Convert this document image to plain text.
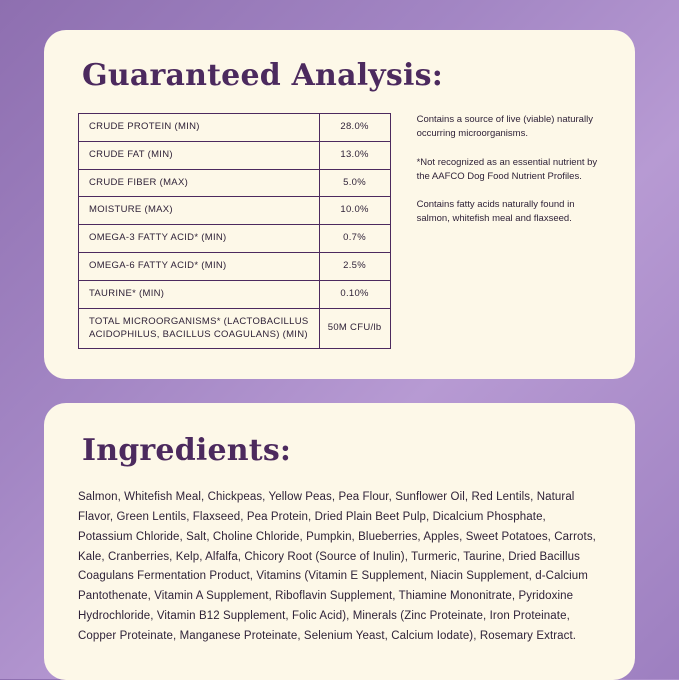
Guaranteed Analysis:
CRUDE PROTEIN (MIN)	28.0%
CRUDE FAT (MIN)	13.0%
CRUDE FIBER (MAX)	5.0%
MOISTURE (MAX)	10.0%
OMEGA-3 FATTY ACID* (MIN)	0.7%
OMEGA-6 FATTY ACID* (MIN)	2.5%
TAURINE* (MIN)	0.10%
TOTAL MICROORGANISMS* (LACTOBACILLUS ACIDOPHILUS, BACILLUS COAGULANS) (MIN)	50M CFU/lb

Contains a source of live (viable) naturally occurring microorganisms.

*Not recognized as an essential nutrient by the AAFCO Dog Food Nutrient Profiles.

Contains fatty acids naturally found in salmon, whitefish meal and flaxseed.

Ingredients:

Salmon, Whitefish Meal, Chickpeas, Yellow Peas, Pea Flour, Sunflower Oil, Red Lentils, Natural Flavor, Green Lentils, Flaxseed, Pea Protein, Dried Plain Beet Pulp, Dicalcium Phosphate, Potassium Chloride, Salt, Choline Chloride, Pumpkin, Blueberries, Apples, Sweet Potatoes, Carrots, Kale, Cranberries, Kelp, Alfalfa, Chicory Root (Source of Inulin), Turmeric, Taurine, Dried Bacillus Coagulans Fermentation Product, Vitamins (Vitamin E Supplement, Niacin Supplement, d-Calcium Pantothenate, Vitamin A Supplement, Riboflavin Supplement, Thiamine Mononitrate, Pyridoxine Hydrochloride, Vitamin B12 Supplement, Folic Acid), Minerals (Zinc Proteinate, Iron Proteinate, Copper Proteinate, Manganese Proteinate, Selenium Yeast, Calcium Iodate), Rosemary Extract.
